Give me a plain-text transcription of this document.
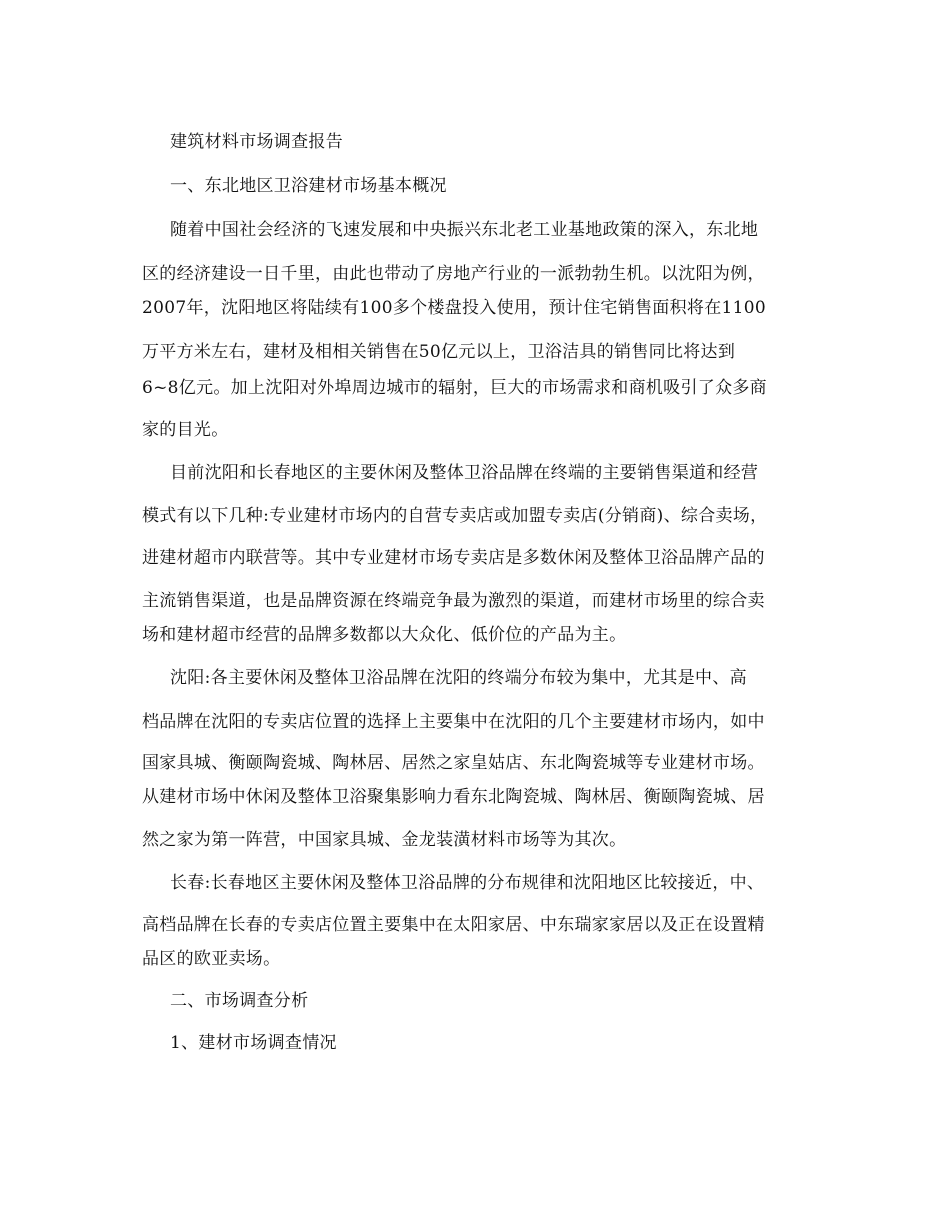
建筑材料市场调查报告
一、东北地区卫浴建材市场基本概况
随着中国社会经济的飞速发展和中央振兴东北老工业基地政策的深入，东北地
区的经济建设一日千里，由此也带动了房地产行业的一派勃勃生机。以沈阳为例，
2007年，沈阳地区将陆续有100多个楼盘投入使用，预计住宅销售面积将在1100
万平方米左右，建材及相相关销售在50亿元以上，卫浴洁具的销售同比将达到
6~8亿元。加上沈阳对外埠周边城市的辐射，巨大的市场需求和商机吸引了众多商
家的目光。
目前沈阳和长春地区的主要休闲及整体卫浴品牌在终端的主要销售渠道和经营
模式有以下几种:专业建材市场内的自营专卖店或加盟专卖店(分销商)、综合卖场，
进建材超市内联营等。其中专业建材市场专卖店是多数休闲及整体卫浴品牌产品的
主流销售渠道，也是品牌资源在终端竞争最为激烈的渠道，而建材市场里的综合卖
场和建材超市经营的品牌多数都以大众化、低价位的产品为主。
沈阳:各主要休闲及整体卫浴品牌在沈阳的终端分布较为集中，尤其是中、高
档品牌在沈阳的专卖店位置的选择上主要集中在沈阳的几个主要建材市场内，如中
国家具城、衡颐陶瓷城、陶林居、居然之家皇姑店、东北陶瓷城等专业建材市场。
从建材市场中休闲及整体卫浴聚集影响力看东北陶瓷城、陶林居、衡颐陶瓷城、居
然之家为第一阵营，中国家具城、金龙装潢材料市场等为其次。
长春:长春地区主要休闲及整体卫浴品牌的分布规律和沈阳地区比较接近，中、
高档品牌在长春的专卖店位置主要集中在太阳家居、中东瑞家家居以及正在设置精
品区的欧亚卖场。
二、市场调查分析
1、建材市场调查情况
